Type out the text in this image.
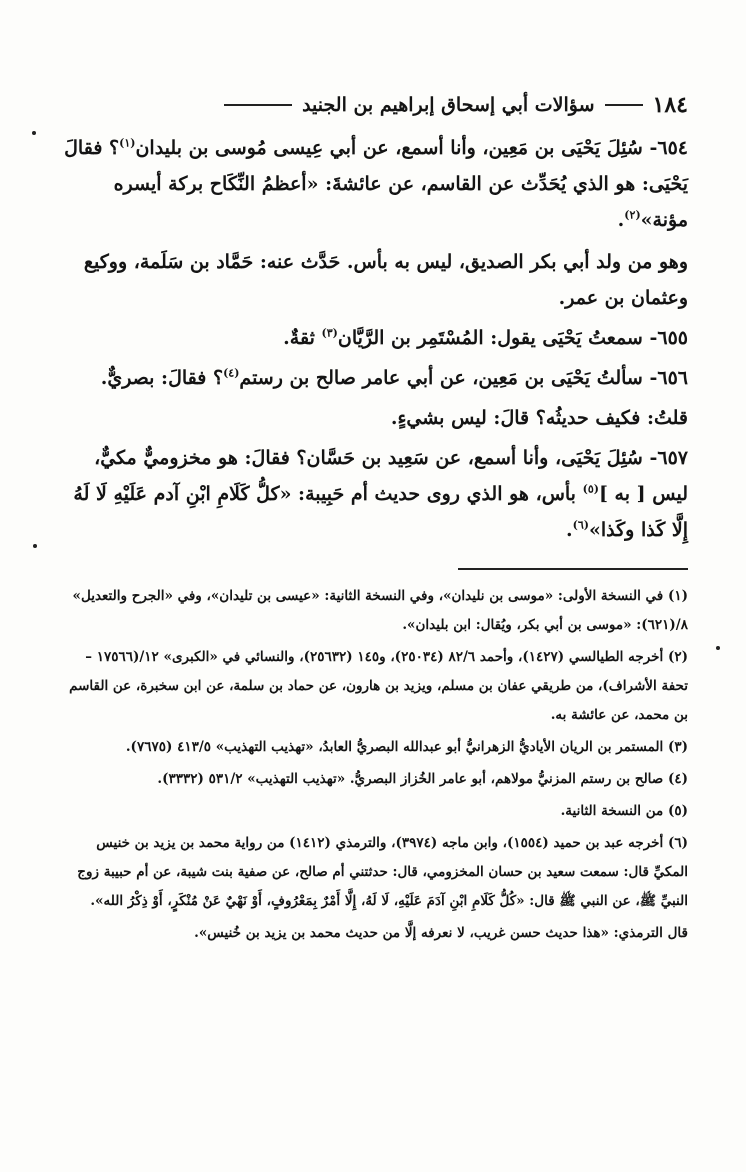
١٨٤
سؤالات أبي إسحاق إبراهيم بن الجنيد
٦٥٤- سُئِلَ يَحْيَى بن مَعِين، وأنا أسمع، عن أبي عِيسى مُوسى بن بليدان$^{(١)}$؟ فقالَ يَحْيَى: هو الذي يُحَدِّث عن القاسم، عن عائشةَ: «أعظمُ النِّكَاح بركة أيسره مؤنة»$^{(٢)}$.
وهو من ولد أبي بكر الصديق، ليس به بأس. حَدَّث عنه: حَمَّاد بن سَلَمة، ووكيع وعثمان بن عمر.
٦٥٥- سمعتُ يَحْيَى يقول: المُسْتَمِر بن الرَّيَّان$^{(٣)}$ ثقةٌ.
٦٥٦- سألتُ يَحْيَى بن مَعِين، عن أبي عامر صالح بن رستم$^{(٤)}$؟ فقالَ: بصريٌّ.
قلتُ: فكيف حديثُه؟ قالَ: ليس بشيءٍ.
٦٥٧- سُئِلَ يَحْيَى، وأنا أسمع، عن سَعِيد بن حَسَّان؟ فقالَ: هو مخزوميٌّ مكيٌّ، ليس [ به ]$^{(٥)}$ بأس، هو الذي روى حديث أم حَبِيبة: «كلُّ كَلَامِ ابْنِ آدم عَلَيْهِ لَا لَهُ إِلَّا كَذا وكَذا»$^{(٦)}$.

(١) في النسخة الأولى: «موسى بن نليدان»، وفي النسخة الثانية: «عيسى بن تليدان»، وفي «الجرح والتعديل» ٨/(٦٢١): «موسى بن أبي بكر، ويُقال: ابن بليدان».

(٢) أخرجه الطيالسي (١٤٢٧)، وأحمد ٨٢/٦ (٢٥٠٣٤)، و١٤٥ (٢٥٦٣٢)، والنسائي في «الكبرى» ١٢/(١٧٥٦٦ – تحفة الأشراف)، من طريقي عفان بن مسلم، ويزيد بن هارون، عن حماد بن سلمة، عن ابن سخبرة، عن القاسم بن محمد، عن عائشة به.

(٣) المستمر بن الريان الأياديُّ الزهرانيُّ أبو عبدالله البصريُّ العابدُ، «تهذيب التهذيب» ٤١٣/٥ (٧٦٧٥).

(٤) صالح بن رستم المزنيُّ مولاهم، أبو عامر الخُزاز البصريُّ. «تهذيب التهذيب» ٥٣١/٢ (٣٣٣٢).

(٥) من النسخة الثانية.

(٦) أخرجه عبد بن حميد (١٥٥٤)، وابن ماجه (٣٩٧٤)، والترمذي (١٤١٢) من رواية محمد بن يزيد بن خنيس المكيِّ قال: سمعت سعيد بن حسان المخزومي، قال: حدثتني أم صالح، عن صفية بنت شيبة، عن أم حبيبة زوج النبيِّ ﷺ، عن النبي ﷺ قال: «كُلُّ كَلَامِ ابْنِ آدَمَ عَلَيْهِ، لَا لَهُ، إِلَّا أَمْرٌ بِمَعْرُوفٍ، أَوْ نَهْيٌ عَنْ مُنْكَرٍ، أَوْ ذِكْرُ الله».

قال الترمذي: «هذا حديث حسن غريب، لا نعرفه إلَّا من حديث محمد بن يزيد بن خُنيس».
